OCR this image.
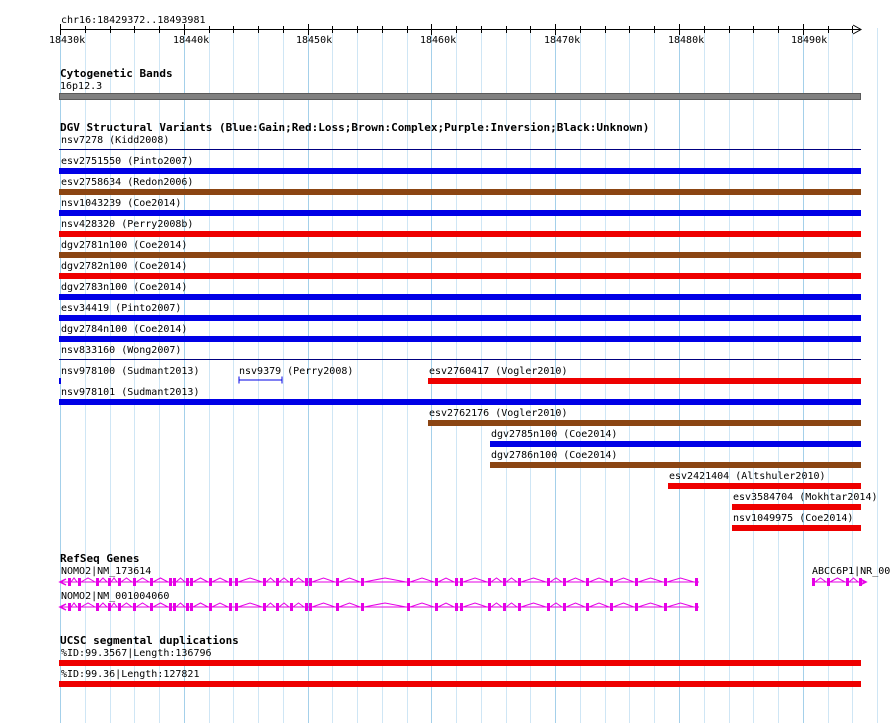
chr16:18429372..18493981
18430k	18440k	18450k	18460k	18470k	18480k	18490k
Cytogenetic Bands
16p12.3
DGV Structural Variants (Blue:Gain;Red:Loss;Brown:Complex;Purple:Inversion;Black:Unknown)
nsv7278 (Kidd2008)
esv2751550 (Pinto2007)
esv2758634 (Redon2006)
nsv1043239 (Coe2014)
nsv428320 (Perry2008b)
dgv2781n100 (Coe2014)
dgv2782n100 (Coe2014)
dgv2783n100 (Coe2014)
esv34419 (Pinto2007)
dgv2784n100 (Coe2014)
nsv833160 (Wong2007)
nsv978100 (Sudmant2013)	nsv9379 (Perry2008)	esv2760417 (Vogler2010)
nsv978101 (Sudmant2013)
esv2762176 (Vogler2010)
dgv2785n100 (Coe2014)
dgv2786n100 (Coe2014)
esv2421404 (Altshuler2010)
esv3584704 (Mokhtar2014)
nsv1049975 (Coe2014)
RefSeq Genes
NOMO2|NM_173614
NOMO2|NM_001004060
ABCC6P1|NR_00
UCSC segmental duplications
%ID:99.3567|Length:136796
%ID:99.36|Length:127821
